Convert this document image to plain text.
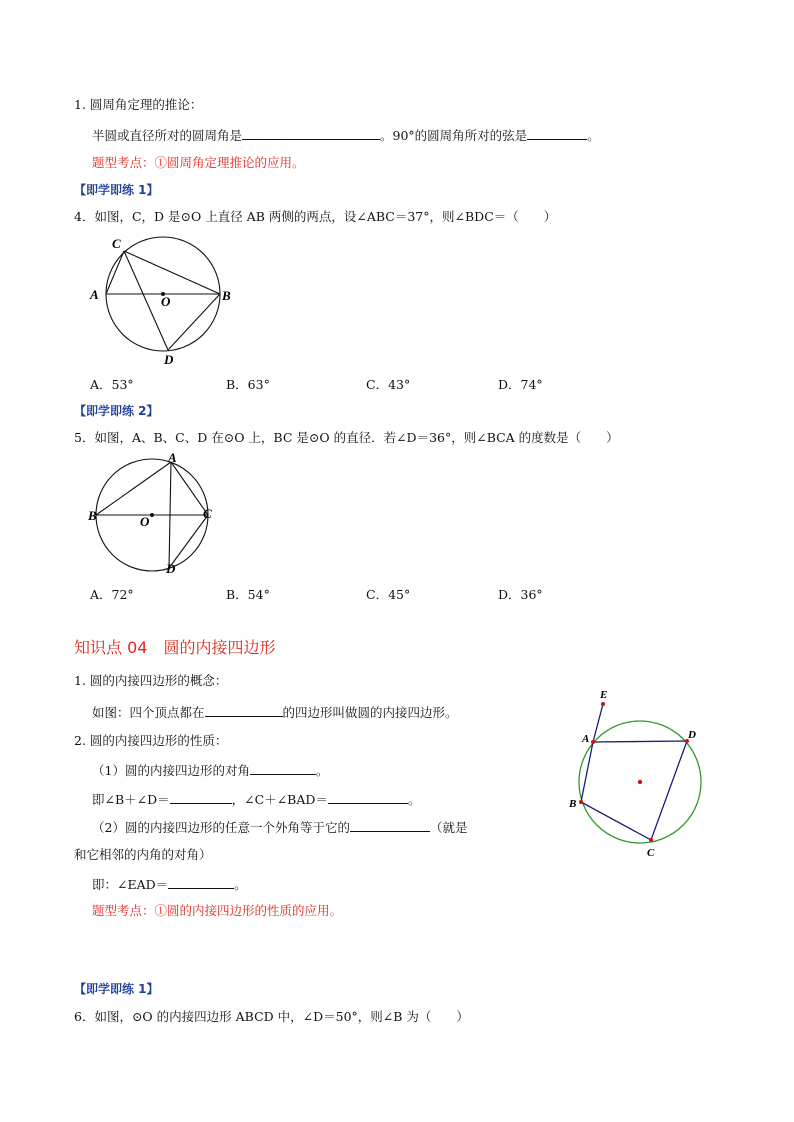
1. 圆周角定理的推论：
半圆或直径所对的圆周角是	。90°的圆周角所对的弦是	。
题型考点：①圆周角定理推论的应用。
【即学即练 1】
4．如图，C，D 是⊙O 上直径 AB 两侧的两点，设∠ABC＝37°，则∠BDC＝（　　）
C
A	B
O
D
A．53°	B．63°	C．43°	D．74°
【即学即练 2】
5．如图，A、B、C、D 在⊙O 上，BC 是⊙O 的直径．若∠D＝36°，则∠BCA 的度数是（　　）
A
B	C
O
D
A．72°	B．54°	C．45°	D．36°
知识点 04　圆的内接四边形
1. 圆的内接四边形的概念：
如图：四个顶点都在	的四边形叫做圆的内接四边形。
2. 圆的内接四边形的性质：
（1）圆的内接四边形的对角	。
即∠B＋∠D＝	，∠C＋∠BAD＝	。
（2）圆的内接四边形的任意一个外角等于它的	（就是
和它相邻的内角的对角）
即：∠EAD＝	。
题型考点：①圆的内接四边形的性质的应用。
E
A	D
B
C
【即学即练 1】
6．如图，⊙O 的内接四边形 ABCD 中，∠D＝50°，则∠B 为（　　）
